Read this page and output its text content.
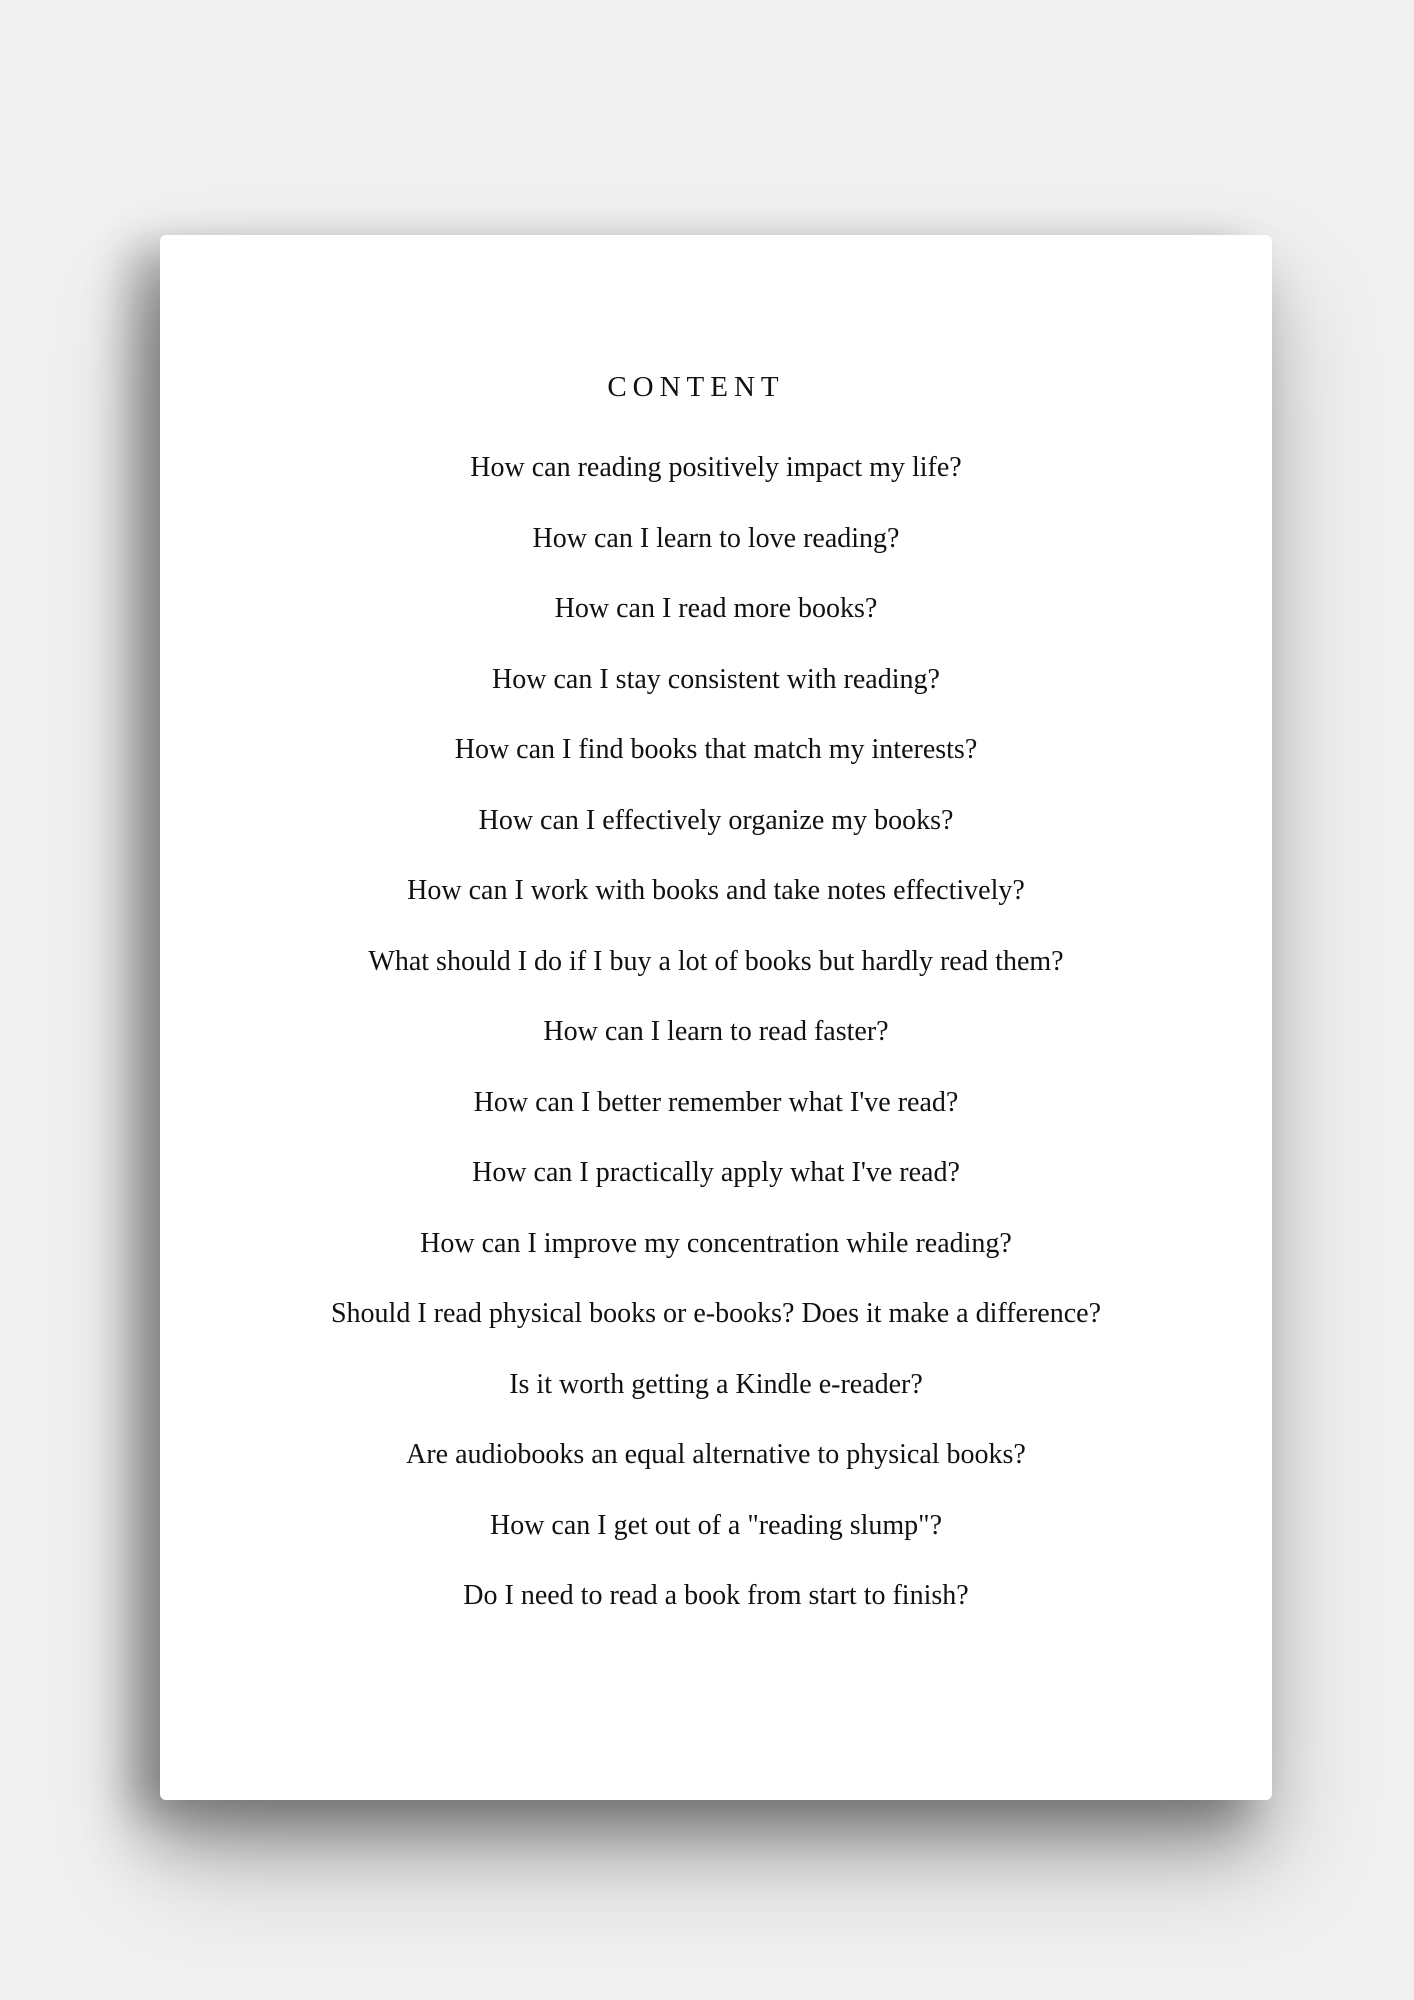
CONTENT
How can reading positively impact my life?
How can I learn to love reading?
How can I read more books?
How can I stay consistent with reading?
How can I find books that match my interests?
How can I effectively organize my books?
How can I work with books and take notes effectively?
What should I do if I buy a lot of books but hardly read them?
How can I learn to read faster?
How can I better remember what I've read?
How can I practically apply what I've read?
How can I improve my concentration while reading?
Should I read physical books or e-books? Does it make a difference?
Is it worth getting a Kindle e-reader?
Are audiobooks an equal alternative to physical books?
How can I get out of a "reading slump"?
Do I need to read a book from start to finish?
